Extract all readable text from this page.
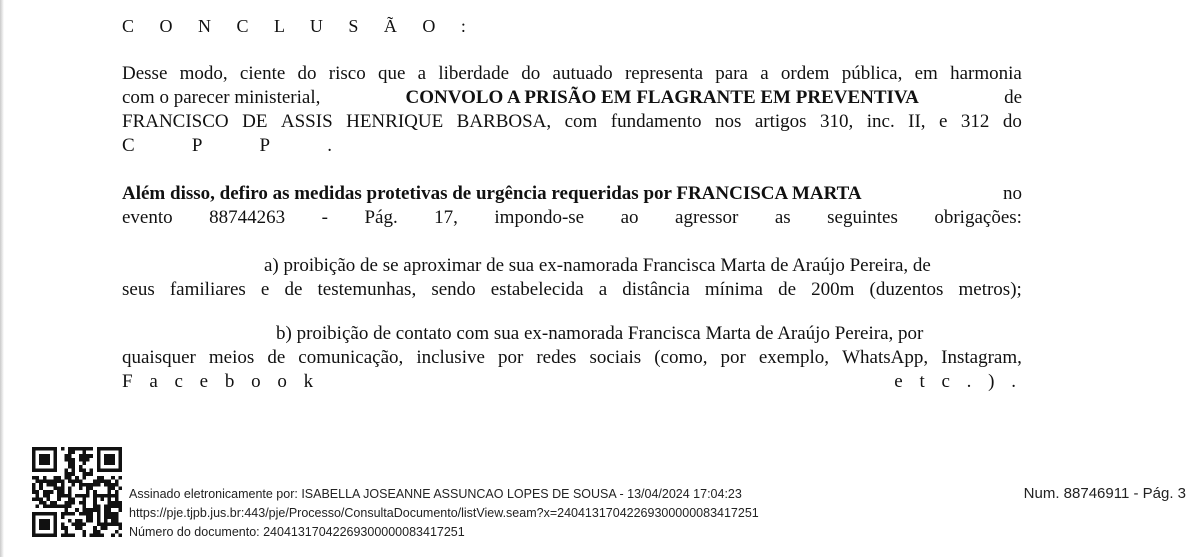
C O N C L U S Ã O :
Desse modo, ciente do risco que a liberdade do autuado representa para a ordem pública, em harmonia
com o parecer ministerial,	CONVOLO A PRISÃO EM FLAGRANTE EM PREVENTIVA	de
FRANCISCO DE ASSIS HENRIQUE BARBOSA, com fundamento nos artigos 310, inc. II, e 312 do
C	P	P	.
Além disso, defiro as medidas protetivas de urgência requeridas por FRANCISCA MARTA	no
evento 88744263 - Pág. 17, impondo-se ao agressor as seguintes obrigações:
a) proibição de se aproximar de sua ex-namorada Francisca Marta de Araújo Pereira, de
seus familiares e de testemunhas, sendo estabelecida a distância mínima de 200m (duzentos metros);
b) proibição de contato com sua ex-namorada Francisca Marta de Araújo Pereira, por
quaisquer meios de comunicação, inclusive por redes sociais (como, por exemplo, WhatsApp, Instagram,
F a c e b o o k	e t c . ) .
Assinado eletronicamente por: ISABELLA JOSEANNE ASSUNCAO LOPES DE SOUSA - 13/04/2024 17:04:23
https://pje.tjpb.jus.br:443/pje/Processo/ConsultaDocumento/listView.seam?x=24041317042269300000083417251
Número do documento: 24041317042269300000083417251
Num. 88746911 - Pág. 3
